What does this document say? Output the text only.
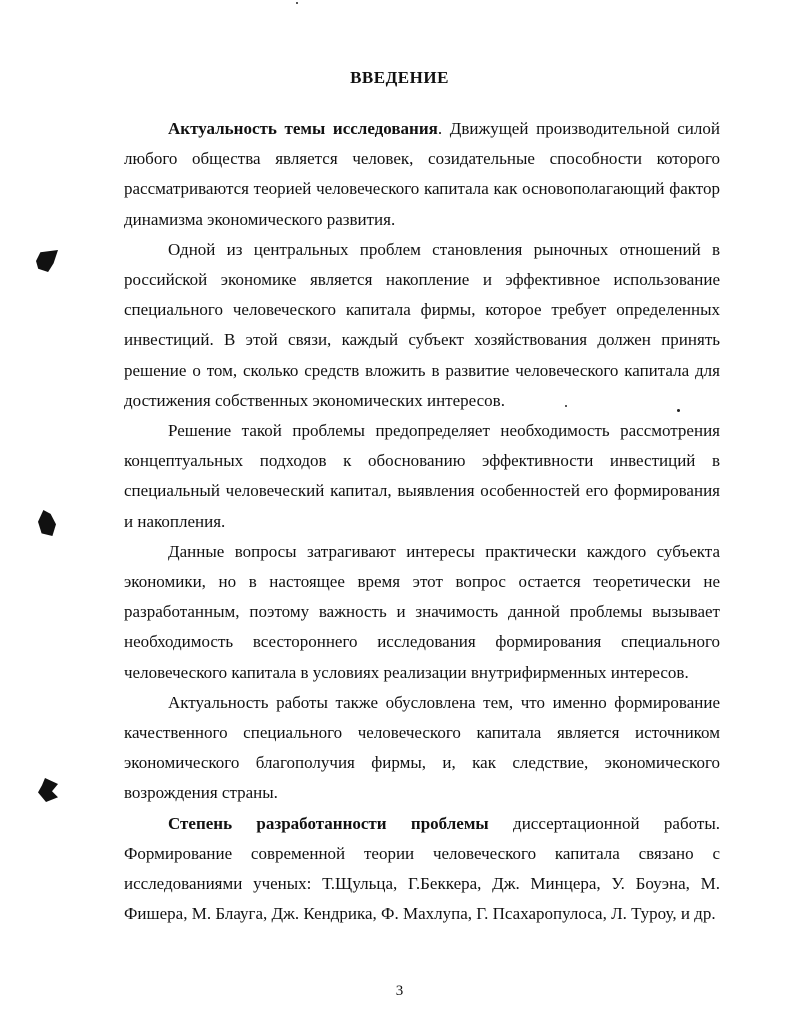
ВВЕДЕНИЕ

Актуальность темы исследования. Движущей производительной силой любого общества является человек, созидательные способности которого рассматриваются теорией человеческого капитала как основополагающий фактор динамизма экономического развития.

Одной из центральных проблем становления рыночных отношений в российской экономике является накопление и эффективное использование специального человеческого капитала фирмы, которое требует определенных инвестиций. В этой связи, каждый субъект хозяйствования должен принять решение о том, сколько средств вложить в развитие человеческого капитала для достижения собственных экономических интересов.

Решение такой проблемы предопределяет необходимость рассмотрения концептуальных подходов к обоснованию эффективности инвестиций в специальный человеческий капитал, выявления особенностей его формирования и накопления.

Данные вопросы затрагивают интересы практически каждого субъекта экономики, но в настоящее время этот вопрос остается теоретически не разработанным, поэтому важность и значимость данной проблемы вызывает необходимость всестороннего исследования формирования специального человеческого капитала в условиях реализации внутрифирменных интересов.

Актуальность работы также обусловлена тем, что именно формирование качественного специального человеческого капитала является источником экономического благополучия фирмы, и, как следствие, экономического возрождения страны.

Степень разработанности проблемы диссертационной работы. Формирование современной теории человеческого капитала связано с исследованиями ученых: Т.Щульца, Г.Беккера, Дж. Минцера, У. Боуэна, М. Фишера, М. Блауга, Дж. Кендрика, Ф. Махлупа, Г. Псахаропулоса, Л. Туроу, и др.

3
